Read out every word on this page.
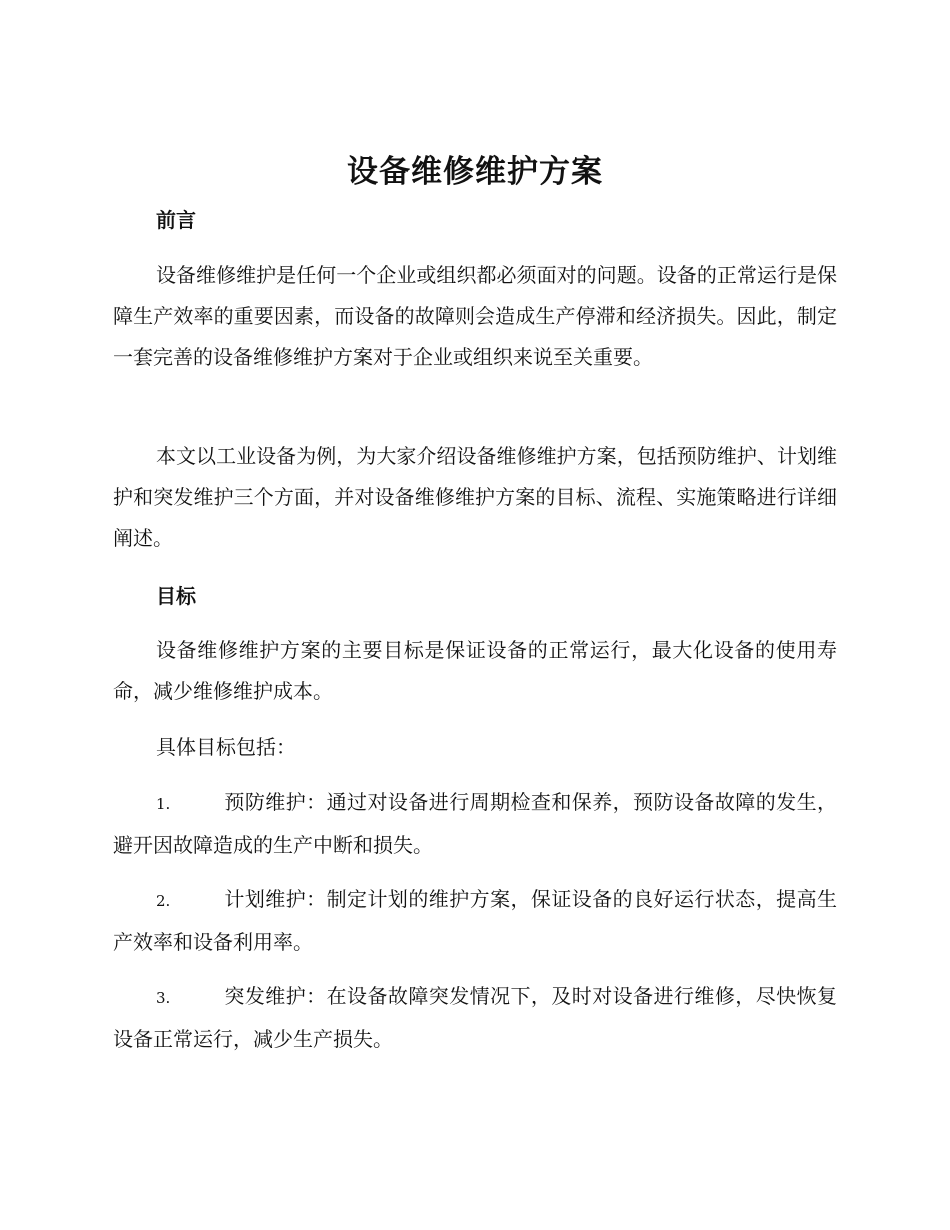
设备维修维护方案
前言

设备维修维护是任何一个企业或组织都必须面对的问题。设备的正常运行是保障生产效率的重要因素，而设备的故障则会造成生产停滞和经济损失。因此，制定一套完善的设备维修维护方案对于企业或组织来说至关重要。

本文以工业设备为例，为大家介绍设备维修维护方案，包括预防维护、计划维护和突发维护三个方面，并对设备维修维护方案的目标、流程、实施策略进行详细阐述。

目标

设备维修维护方案的主要目标是保证设备的正常运行，最大化设备的使用寿命，减少维修维护成本。

具体目标包括：

1.	预防维护：通过对设备进行周期检查和保养，预防设备故障的发生，避开因故障造成的生产中断和损失。

2.	计划维护：制定计划的维护方案，保证设备的良好运行状态，提高生产效率和设备利用率。

3.	突发维护：在设备故障突发情况下，及时对设备进行维修，尽快恢复设备正常运行，减少生产损失。
